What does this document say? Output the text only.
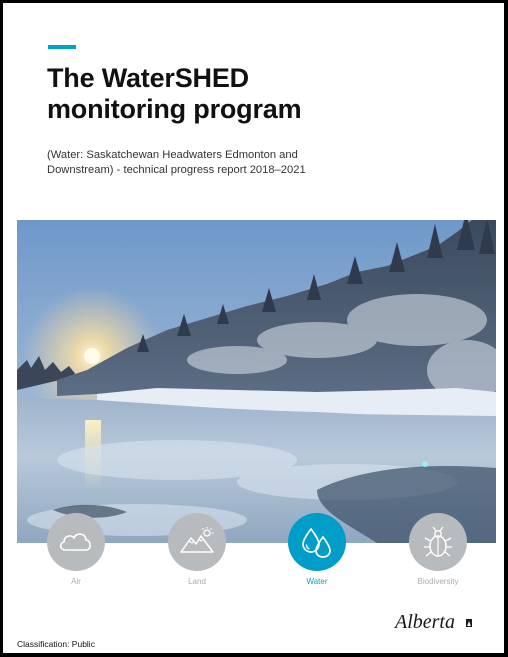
The WaterSHED
monitoring program

(Water: Saskatchewan Headwaters Edmonton and
Downstream) - technical progress report 2018–2021

Air	Land	Water	Biodiversity
Alberta
Classification: Public
